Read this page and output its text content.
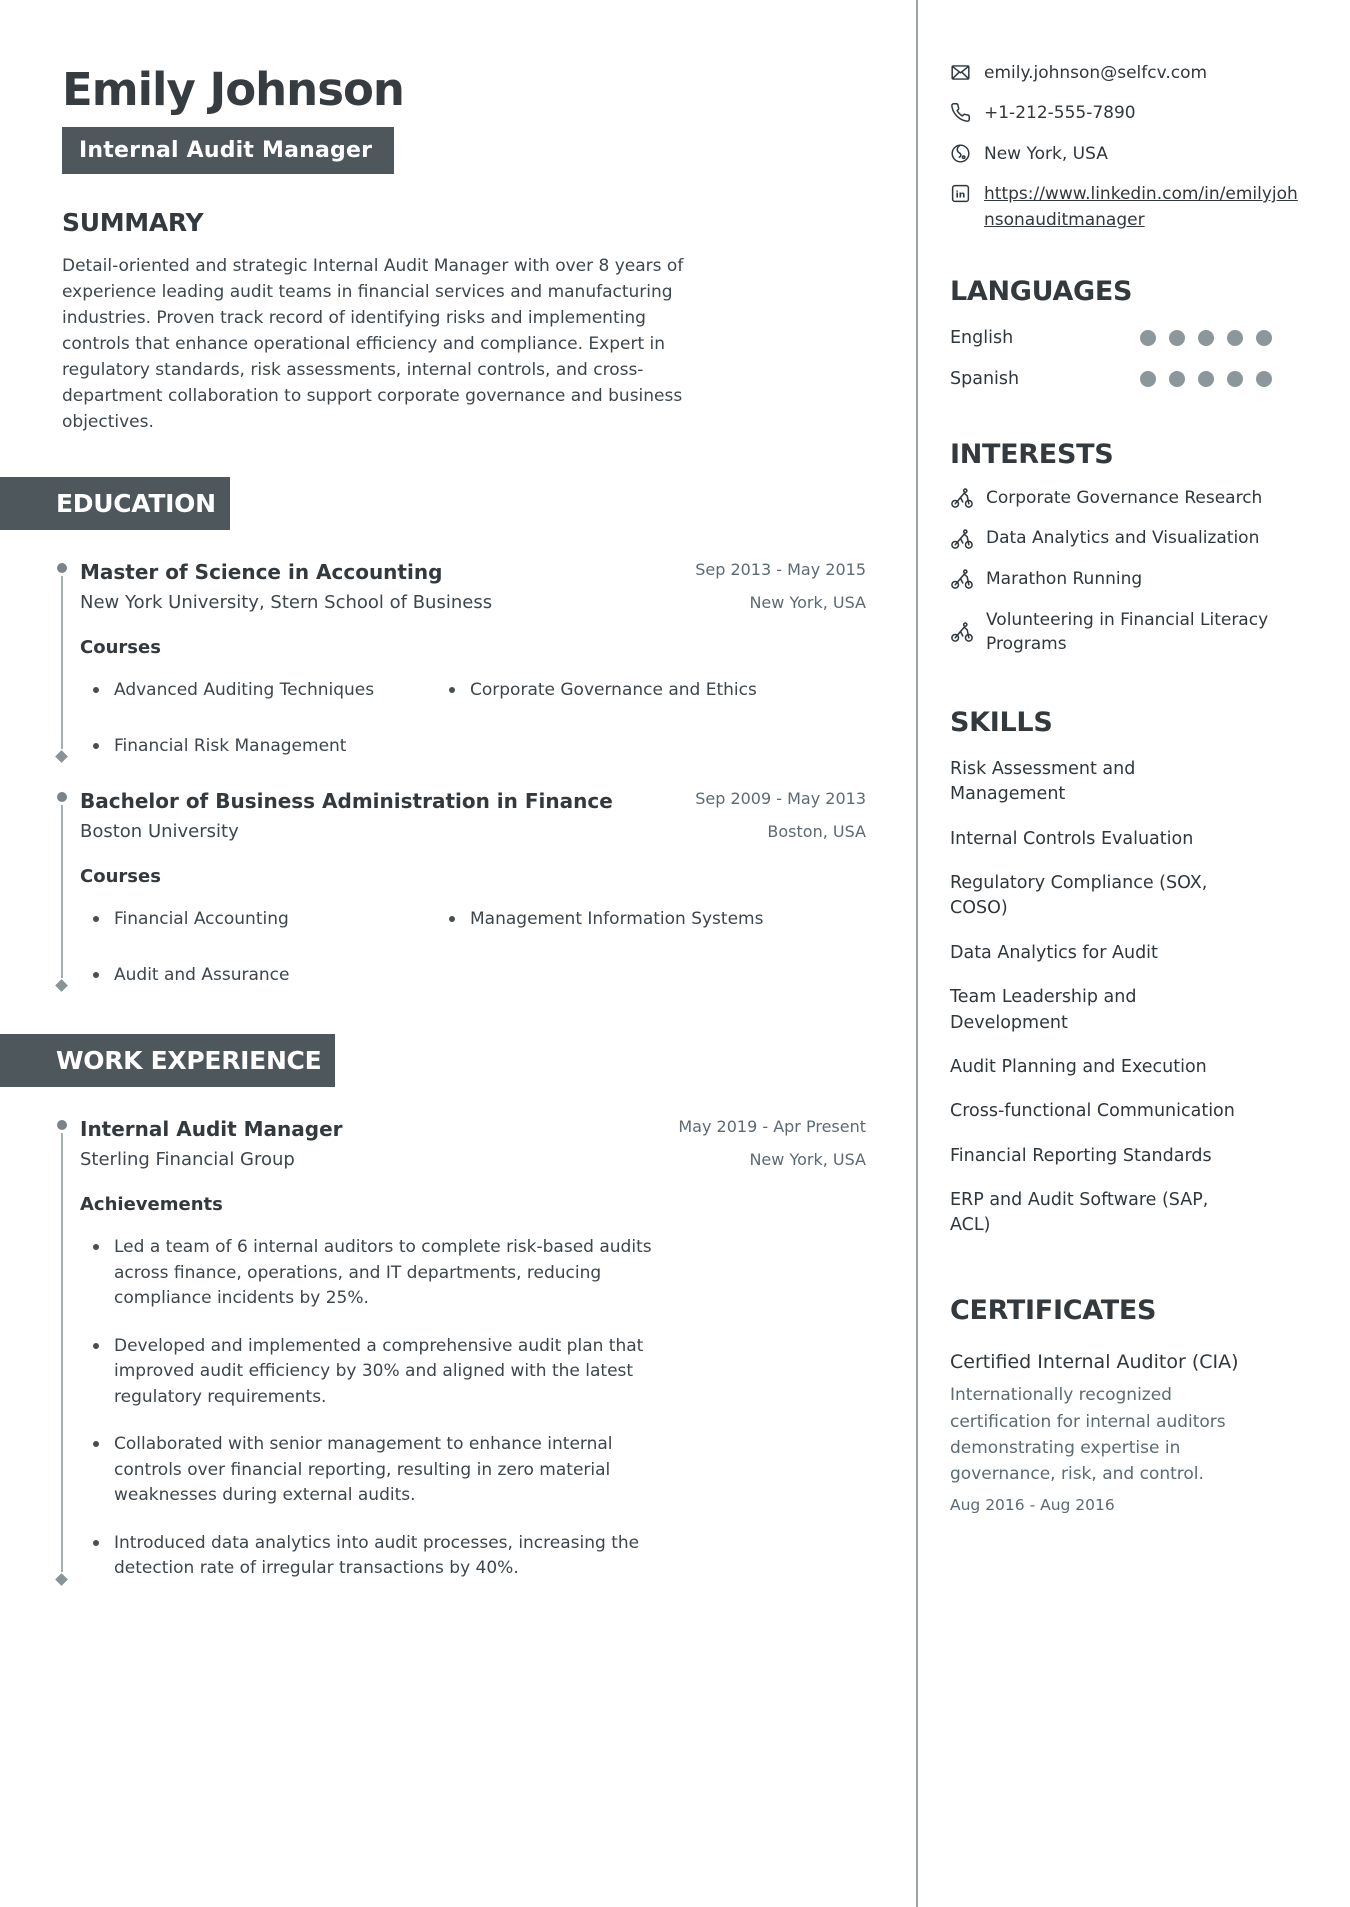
Emily Johnson
Internal Audit Manager
SUMMARY

Detail-oriented and strategic Internal Audit Manager with over 8 years of experience leading audit teams in financial services and manufacturing industries. Proven track record of identifying risks and implementing controls that enhance operational efficiency and compliance. Expert in regulatory standards, risk assessments, internal controls, and cross-department collaboration to support corporate governance and business objectives.

EDUCATION
Master of Science in Accounting
New York University, Stern School of Business
Sep 2013 - May 2015
New York, USA
Courses
Advanced Auditing Techniques	Corporate Governance and Ethics
Financial Risk Management
Bachelor of Business Administration in Finance
Boston University
Sep 2009 - May 2013
Boston, USA
Courses
Financial Accounting	Management Information Systems
Audit and Assurance
WORK EXPERIENCE
Internal Audit Manager
Sterling Financial Group
May 2019 - Apr Present
New York, USA
Achievements
Led a team of 6 internal auditors to complete risk-based audits across finance, operations, and IT departments, reducing compliance incidents by 25%.
Developed and implemented a comprehensive audit plan that improved audit efficiency by 30% and aligned with the latest regulatory requirements.
Collaborated with senior management to enhance internal controls over financial reporting, resulting in zero material weaknesses during external audits.
Introduced data analytics into audit processes, increasing the detection rate of irregular transactions by 40%.
emily.johnson@selfcv.com
+1-212-555-7890
New York, USA
in https://www.linkedin.com/in/emilyjohnsonauditmanager
LANGUAGES
English
Spanish
INTERESTS
Corporate Governance Research
Data Analytics and Visualization
Marathon Running
Volunteering in Financial Literacy Programs
SKILLS
Risk Assessment and Management
Internal Controls Evaluation
Regulatory Compliance (SOX, COSO)
Data Analytics for Audit
Team Leadership and Development
Audit Planning and Execution
Cross-functional Communication
Financial Reporting Standards
ERP and Audit Software (SAP, ACL)
CERTIFICATES
Certified Internal Auditor (CIA)
Internationally recognized certification for internal auditors demonstrating expertise in governance, risk, and control.
Aug 2016 - Aug 2016
